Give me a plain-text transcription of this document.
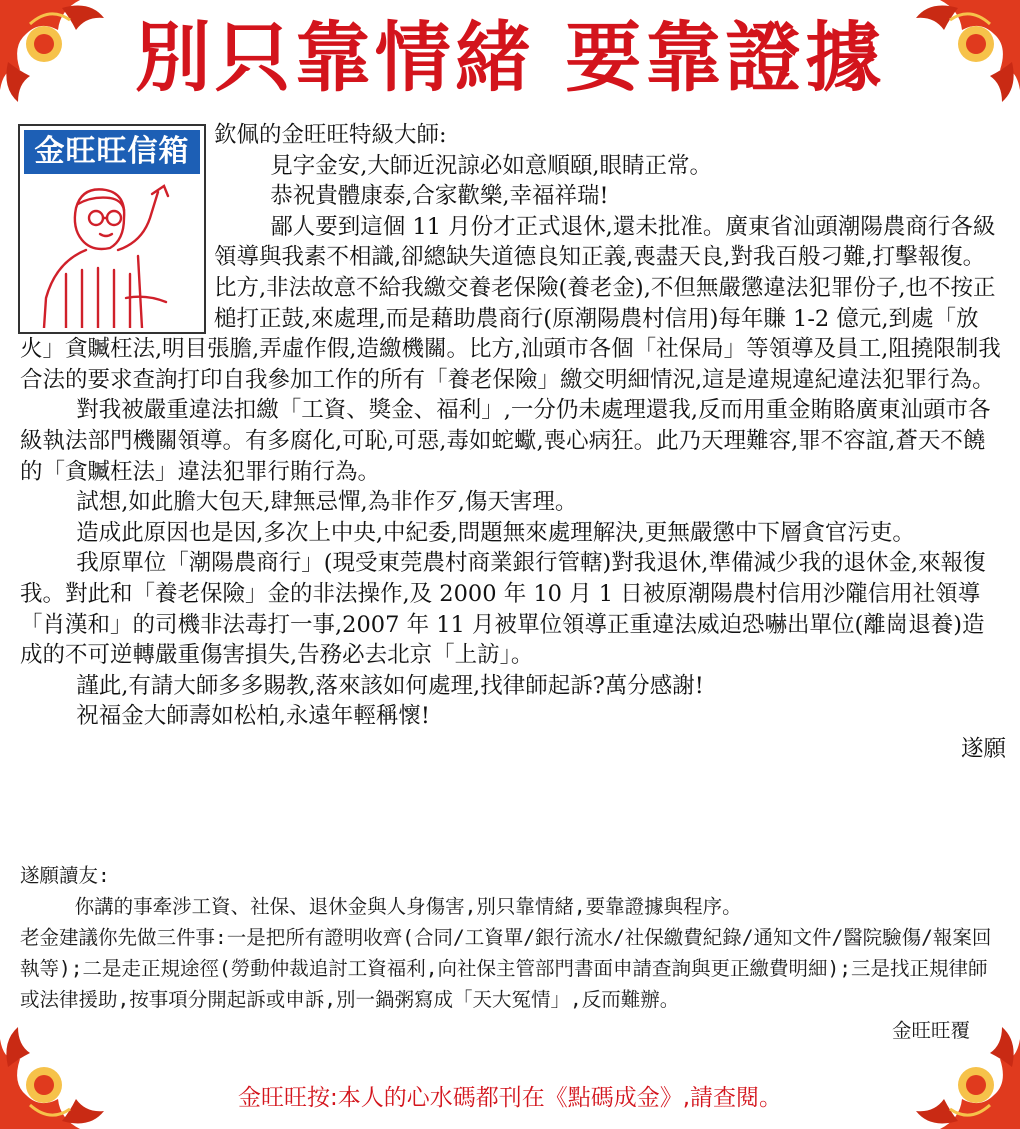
別只靠情緒 要靠證據
金旺旺信箱	欽佩的金旺旺特級大師:

見字金安,大師近況諒必如意順頤,眼睛正常。

恭祝貴體康泰,合家歡樂,幸福祥瑞!

鄙人要到這個 11 月份才正式退休,還未批准。廣東省汕頭潮陽農商行各級領導與我素不相識,卻總缺失道德良知正義,喪盡天良,對我百般刁難,打擊報復。比方,非法故意不給我繳交養老保險(養老金),不但無嚴懲違法犯罪份子,也不按正槌打正鼓,來處理,而是藉助農商行(原潮陽農村信用)每年賺 1-2 億元,到處「放火」貪贓枉法,明目張膽,弄虛作假,造繳機關。比方,汕頭市各個「社保局」等領導及員工,阻撓限制我合法的要求查詢打印自我參加工作的所有「養老保險」繳交明細情況,這是違規違紀違法犯罪行為。

對我被嚴重違法扣繳「工資、獎金、福利」,一分仍未處理還我,反而用重金賄賂廣東汕頭市各級執法部門機關領導。有多腐化,可恥,可惡,毒如蛇蠍,喪心病狂。此乃天理難容,罪不容誼,蒼天不饒的「貪贓枉法」違法犯罪行賄行為。

試想,如此膽大包天,肆無忌憚,為非作歹,傷天害理。

造成此原因也是因,多次上中央,中紀委,問題無來處理解決,更無嚴懲中下層貪官污吏。

我原單位「潮陽農商行」(現受東莞農村商業銀行管轄)對我退休,準備減少我的退休金,來報復我。對此和「養老保險」金的非法操作,及 2000 年 10 月 1 日被原潮陽農村信用沙隴信用社領導「肖漢和」的司機非法毒打一事,2007 年 11 月被單位領導正重違法威迫恐嚇出單位(離崗退養)造成的不可逆轉嚴重傷害損失,告務必去北京「上訪」。

謹此,有請大師多多賜教,落來該如何處理,找律師起訴?萬分感謝!

祝福金大師壽如松柏,永遠年輕稱懷!

遂願

遂願讀友:

你講的事牽涉工資、社保、退休金與人身傷害,別只靠情緒,要靠證據與程序。

老金建議你先做三件事:一是把所有證明收齊(合同/工資單/銀行流水/社保繳費紀錄/通知文件/醫院驗傷/報案回執等);二是走正規途徑(勞動仲裁追討工資福利,向社保主管部門書面申請查詢與更正繳費明細);三是找正規律師或法律援助,按事項分開起訴或申訴,別一鍋粥寫成「天大冤情」,反而難辦。

金旺旺覆

金旺旺按:本人的心水碼都刊在《點碼成金》,請查閱。
